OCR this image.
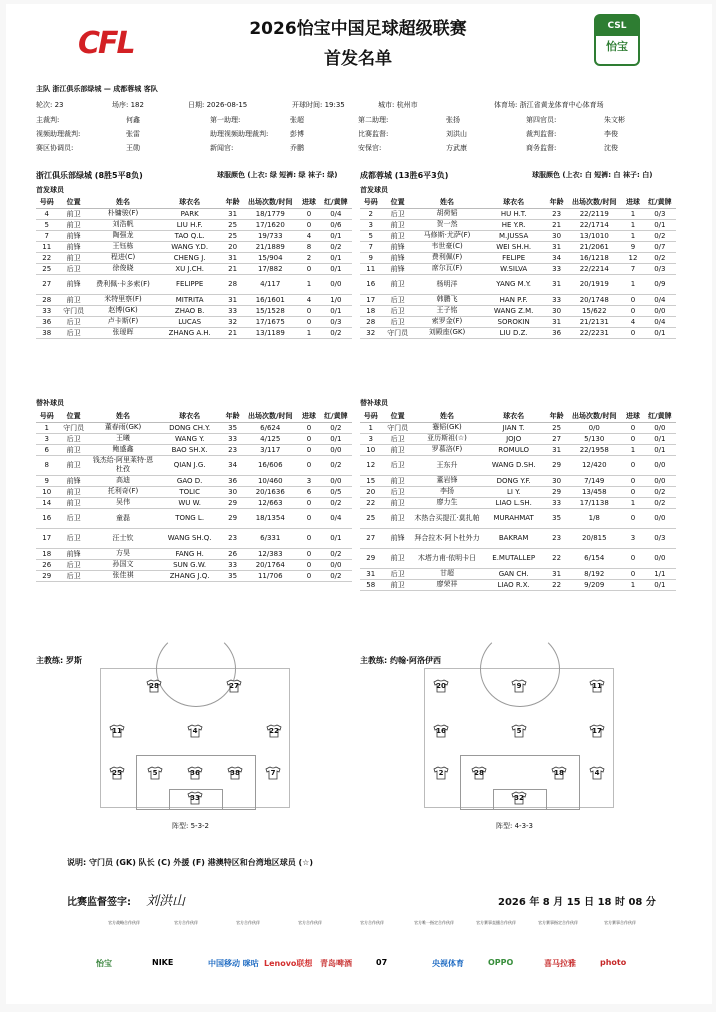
CFL	CSL
怡宝
2026怡宝中国足球超级联赛
首发名单
主队 浙江俱乐部绿城 — 成都蓉城 客队
轮次: 23	场序: 182	日期: 2026-08-15	开球时间: 19:35	城市: 杭州市	体育场: 浙江省黄龙体育中心体育场
主裁判:	何鑫	第一助理:	张超	第二助理:	张扬	第四官员:	朱文彬
视频助理裁判:	张雷	助理视频助理裁判:	彭博	比赛监督:	刘洪山	裁判监督:	李俊
赛区协调员:	王勋	新闻官:	乔鹏	安保官:	方武康	商务监督:	沈俊
浙江俱乐部绿城 (8胜5平8负)	球服颜色 (上衣: 绿 短裤: 绿 袜子: 绿)	成都蓉城 (13胜6平3负)	球服颜色 (上衣: 白 短裤: 白 袜子: 白)
首发球员	首发球员
号码	位置	姓名	球衣名	年龄	出场次数/时间	进球	红/黄牌
4	前卫	朴镛骏(F)	PARK	31	18/1779	0	0/4
5	前卫	刘浩帆	LIU H.F.	25	17/1620	0	0/6
7	前锋	陶强龙	TAO Q.L.	25	19/733	4	0/1
11	前锋	王钰栋	WANG Y.D.	20	21/1889	8	0/2
22	前卫	程进(C)	CHENG J.	31	15/904	2	0/1
25	后卫	徐俊晓	XU J.CH.	21	17/882	0	0/1
27	前锋	费利佩·卡多索(F)	FELIPPE	28	4/117	1	0/0
28	前卫	米特里察(F)	MITRITA	31	16/1601	4	1/0
33	守门员	赵博(GK)	ZHAO B.	33	15/1528	0	0/1
36	后卫	卢卡斯(F)	LUCAS	32	17/1675	0	0/3
38	后卫	张瑷晖	ZHANG A.H.	21	13/1189	1	0/2
号码	位置	姓名	球衣名	年龄	出场次数/时间	进球	红/黄牌
2	后卫	胡荷韬	HU H.T.	23	22/2119	1	0/3
3	前卫	贺一然	HE Y.R.	21	22/1714	1	0/1
5	前卫	马修斯·尤萨(F)	M.JUSSA	30	13/1010	1	0/2
7	前锋	韦世豪(C)	WEI SH.H.	31	21/2061	9	0/7
9	前锋	费利佩(F)	FELIPE	34	16/1218	12	0/2
11	前锋	席尔瓦(F)	W.SILVA	33	22/2214	7	0/3
16	前卫	杨明洋	YANG M.Y.	31	20/1919	1	0/9
17	后卫	韩鹏飞	HAN P.F.	33	20/1748	0	0/4
18	后卫	王子铭	WANG Z.M.	30	15/622	0	0/0
28	后卫	索罗金(F)	SOROKIN	31	21/2131	4	0/4
32	守门员	刘殿座(GK)	LIU D.Z.	36	22/2231	0	0/1
替补球员	替补球员
号码	位置	姓名	球衣名	年龄	出场次数/时间	进球	红/黄牌
1	守门员	董春雨(GK)	DONG CH.Y.	35	6/624	0	0/2
3	后卫	王曦	WANG Y.	33	4/125	0	0/1
6	前卫	鲍盛鑫	BAO SH.X.	23	3/117	0	0/0
8	前卫	钱杰给·阿里莱特·恩杜孜	QIAN J.G.	34	16/606	0	0/2
9	前锋	高迪	GAO D.	36	10/460	3	0/0
10	前卫	托利奇(F)	TOLIC	30	20/1636	6	0/5
14	前卫	吴伟	WU W.	29	12/663	0	0/2
16	后卫	童磊	TONG L.	29	18/1354	0	0/4
17	后卫	汪士钦	WANG SH.Q.	23	6/331	0	0/1
18	前锋	方昊	FANG H.	26	12/383	0	0/2
26	后卫	孙国文	SUN G.W.	33	20/1764	0	0/0
29	后卫	张佳祺	ZHANG J.Q.	35	11/706	0	0/2
号码	位置	姓名	球衣名	年龄	出场次数/时间	进球	红/黄牌
1	守门员	蹇韬(GK)	JIAN T.	25	0/0	0	0/0
3	后卫	亚历斯祖(☆)	JOJO	27	5/130	0	0/1
10	前卫	罗慕洛(F)	ROMULO	31	22/1958	1	0/1
12	后卫	王东升	WANG D.SH.	29	12/420	0	0/0
15	前卫	董岩锋	DONG Y.F.	30	7/149	0	0/0
20	后卫	李扬	LI Y.	29	13/458	0	0/2
22	前卫	廖力生	LIAO L.SH.	33	17/1138	1	0/2
25	前卫	木热合买提江·莫扎帕	MURAHMAT	35	1/8	0	0/0
27	前锋	拜合拉木·阿卜杜外力	BAKRAM	23	20/815	3	0/3
29	前卫	木塔力甫·依明卡日	E.MUTALLEP	22	6/154	0	0/0
31	后卫	甘超	GAN CH.	31	8/192	0	1/1
58	前卫	廖荣祥	LIAO R.X.	22	9/209	1	0/1
主教练: 罗斯	主教练: 约翰·阿洛伊西
28	27
11	4	22
25	5	36	38	7
33
20	9	11
16	5	17
2	28	18	4
32
阵型: 5-3-2	阵型: 4-3-3
说明: 守门员 (GK) 队长 (C) 外援 (F) 港澳特区和台湾地区球员 (☆)
比赛监督签字: 刘洪山	2026 年 8 月 15 日 18 时 08 分
官方战略合作伙伴	官方合作伙伴	官方合作伙伴	官方合作伙伴	官方合作伙伴	官方唯一指定合作伙伴	官方赛事直播合作伙伴	官方赛事指定合作伙伴	官方赛事合作伙伴
怡宝	NIKE	中国移动 咪咕 Lenovo联想 青岛啤酒	07	央视体育	OPPO	喜马拉雅	photo
